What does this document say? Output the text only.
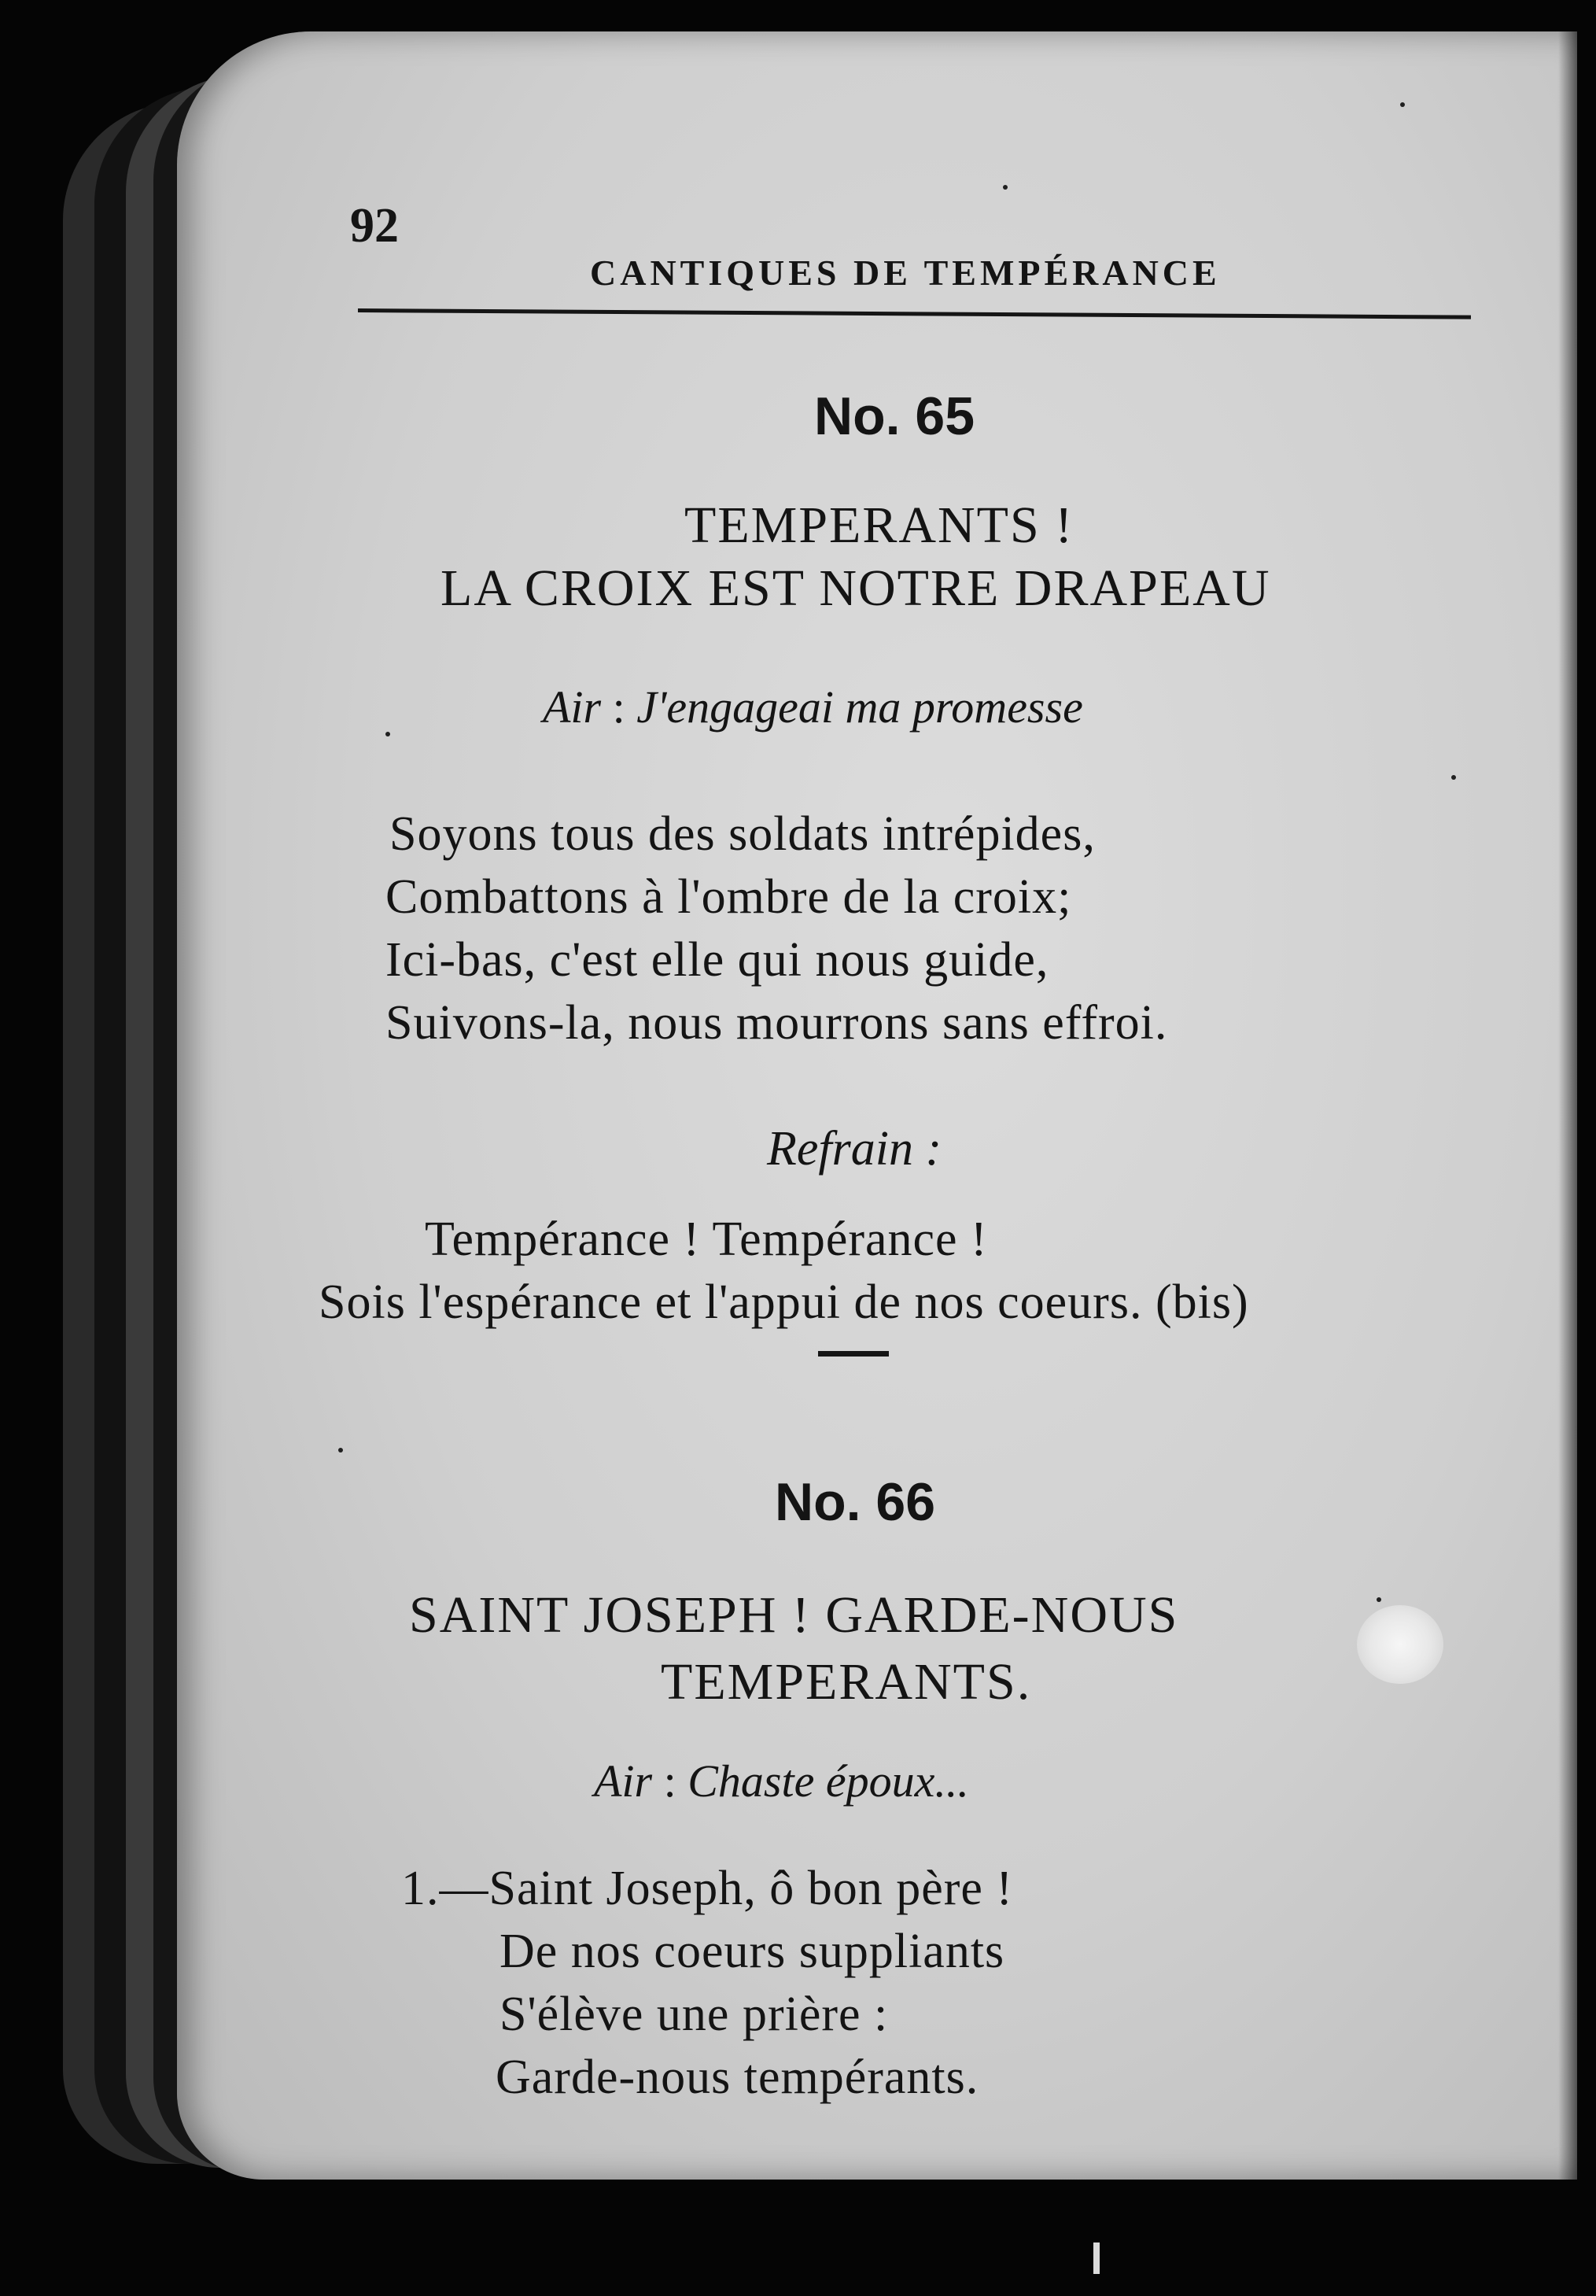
92
CANTIQUES DE TEMPÉRANCE
No. 65
TEMPERANTS !
LA CROIX EST NOTRE DRAPEAU
Air : J'engageai ma promesse
Soyons tous des soldats intrépides,
Combattons à l'ombre de la croix;
Ici-bas, c'est elle qui nous guide,
Suivons-la, nous mourrons sans effroi.
Refrain :
Tempérance ! Tempérance !
Sois l'espérance et l'appui de nos coeurs. (bis)
No. 66
SAINT JOSEPH ! GARDE-NOUS
TEMPERANTS.
Air : Chaste époux...
1.—Saint Joseph, ô bon père !
De nos coeurs suppliants
S'élève une prière :
Garde-nous tempérants.
